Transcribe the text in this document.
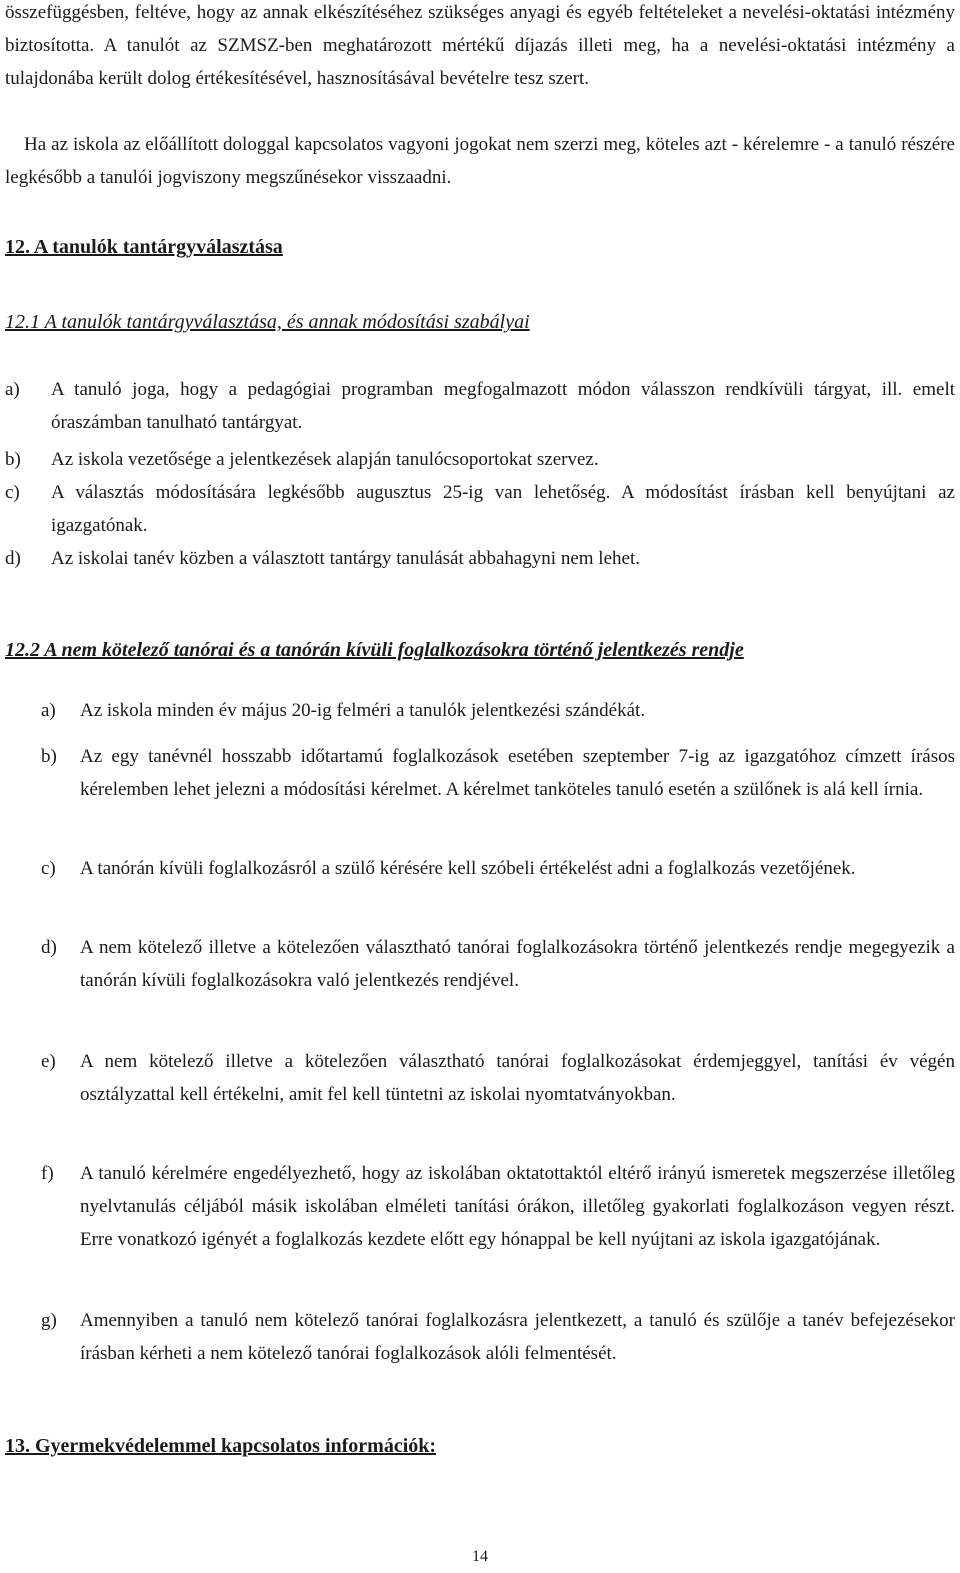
összefüggésben, feltéve, hogy az annak elkészítéséhez szükséges anyagi és egyéb feltételeket a nevelési-oktatási intézmény biztosította. A tanulót az SZMSZ-ben meghatározott mértékű díjazás illeti meg, ha a nevelési-oktatási intézmény a tulajdonába került dolog értékesítésével, hasznosításával bevételre tesz szert.
Ha az iskola az előállított dologgal kapcsolatos vagyoni jogokat nem szerzi meg, köteles azt - kérelemre - a tanuló részére legkésőbb a tanulói jogviszony megszűnésekor visszaadni.
12. A tanulók tantárgyválasztása
12.1 A tanulók tantárgyválasztása, és annak módosítási szabályai
a) A tanuló joga, hogy a pedagógiai programban megfogalmazott módon válasszon rendkívüli tárgyat, ill. emelt óraszámban tanulható tantárgyat.
b) Az iskola vezetősége a jelentkezések alapján tanulócsoportokat szervez.
c) A választás módosítására legkésőbb augusztus 25-ig van lehetőség. A módosítást írásban kell benyújtani az igazgatónak.
d) Az iskolai tanév közben a választott tantárgy tanulását abbahagyni nem lehet.
12.2 A nem kötelező tanórai és a tanórán kívüli foglalkozásokra történő jelentkezés rendje
a) Az iskola minden év május 20-ig felméri a tanulók jelentkezési szándékát.
b) Az egy tanévnél hosszabb időtartamú foglalkozások esetében szeptember 7-ig az igazgatóhoz címzett írásos kérelemben lehet jelezni a módosítási kérelmet. A kérelmet tanköteles tanuló esetén a szülőnek is alá kell írnia.
c) A tanórán kívüli foglalkozásról a szülő kérésére kell szóbeli értékelést adni a foglalkozás vezetőjének.
d) A nem kötelező illetve a kötelezően választható tanórai foglalkozásokra történő jelentkezés rendje megegyezik a tanórán kívüli foglalkozásokra való jelentkezés rendjével.
e) A nem kötelező illetve a kötelezően választható tanórai foglalkozásokat érdemjeggyel, tanítási év végén osztályzattal kell értékelni, amit fel kell tüntetni az iskolai nyomtatványokban.
f) A tanuló kérelmére engedélyezhető, hogy az iskolában oktatottaktól eltérő irányú ismeretek megszerzése illetőleg nyelvtanulás céljából másik iskolában elméleti tanítási órákon, illetőleg gyakorlati foglalkozáson vegyen részt. Erre vonatkozó igényét a foglalkozás kezdete előtt egy hónappal be kell nyújtani az iskola igazgatójának.
g) Amennyiben a tanuló nem kötelező tanórai foglalkozásra jelentkezett, a tanuló és szülője a tanév befejezésekor írásban kérheti a nem kötelező tanórai foglalkozások alóli felmentését.
13. Gyermekvédelemmel kapcsolatos információk:
14
